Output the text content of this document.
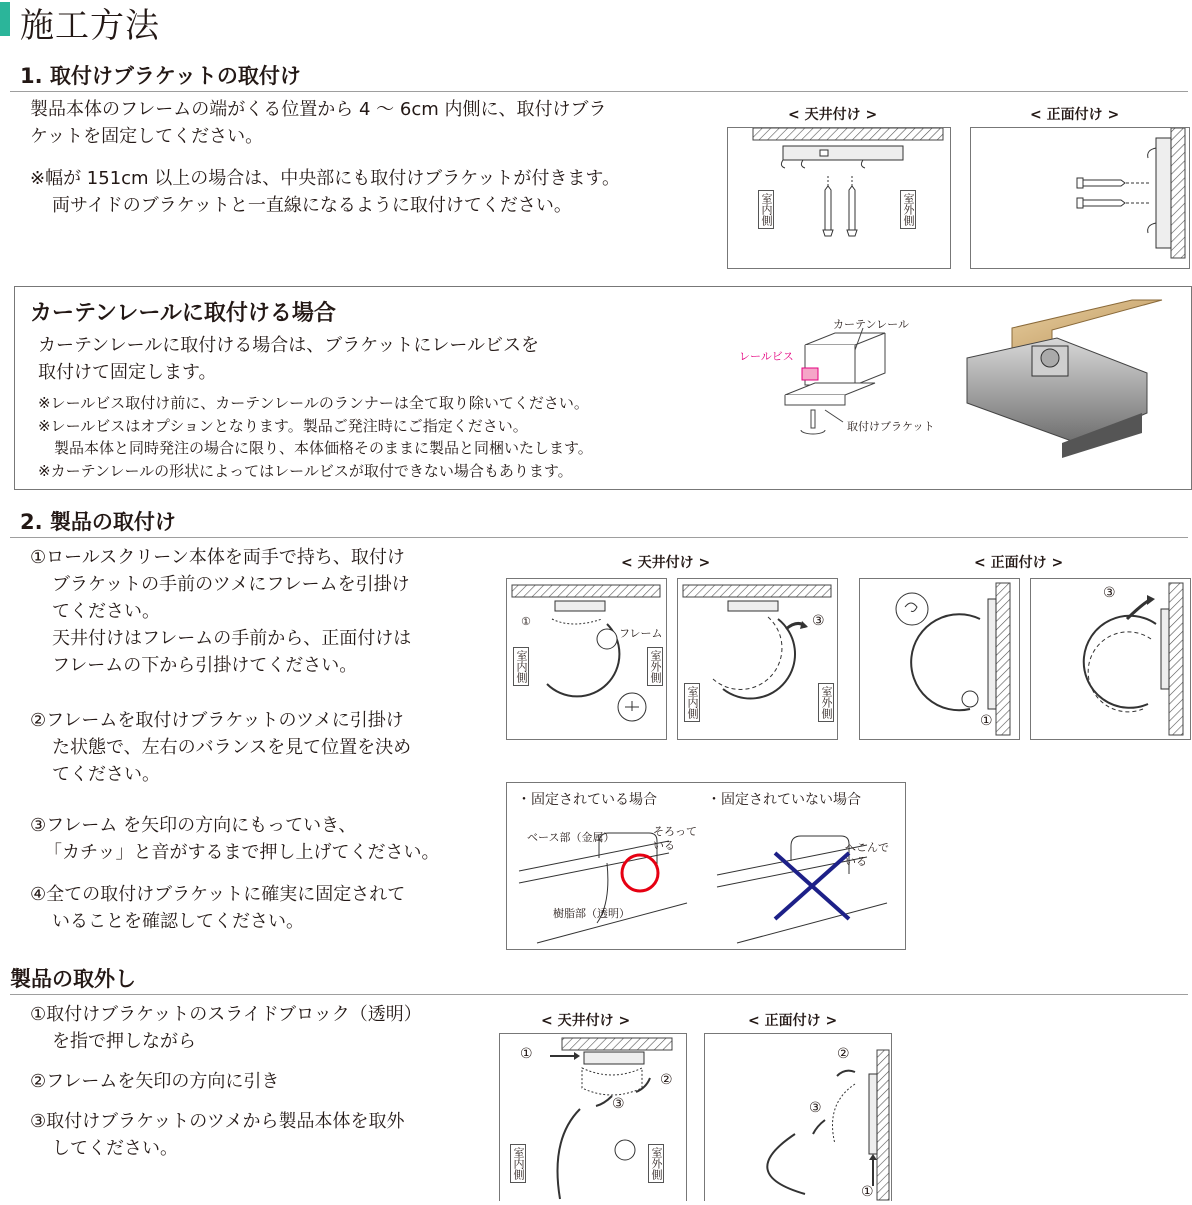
施工方法
1. 取付けブラケットの取付け
製品本体のフレームの端がくる位置から 4 〜 6cm 内側に、取付けブラ
ケットを固定してください。
※幅が 151cm 以上の場合は、中央部にも取付けブラケットが付きます。
両サイドのブラケットと一直線になるように取付けてください。
< 天井付け >	< 正面付け >
室内側	室外側
カーテンレールに取付ける場合
カーテンレールに取付ける場合は、ブラケットにレールビスを
取付けて固定します。
※レールビス取付け前に、カーテンレールのランナーは全て取り除いてください。
※レールビスはオプションとなります。製品ご発注時にご指定ください。
製品本体と同時発注の場合に限り、本体価格そのままに製品と同梱いたします。
※カーテンレールの形状によってはレールビスが取付できない場合もあります。
カーテンレール
レールビス
取付けブラケット
2. 製品の取付け
①ロールスクリーン本体を両手で持ち、取付け
ブラケットの手前のツメにフレームを引掛け
てください。
天井付けはフレームの手前から、正面付けは
フレームの下から引掛けてください。
②フレームを取付けブラケットのツメに引掛け
た状態で、左右のバランスを見て位置を決め
てください。
③フレーム を矢印の方向にもっていき、
「カチッ」と音がするまで押し上げてください。
④全ての取付けブラケットに確実に固定されて
いることを確認してください。
< 天井付け >	< 正面付け >
①
フレーム
室内側	室外側
③
室内側	室外側
①
③
・固定されている場合	・固定されていない場合
ベース部（金属）
樹脂部（透明）
そろって
いる	へこんで
いる
製品の取外し
①取付けブラケットのスライドブロック（透明）
を指で押しながら
②フレームを矢印の方向に引き
③取付けブラケットのツメから製品本体を取外
してください。
< 天井付け >	< 正面付け >
①
②
③
室内側	室外側
②
③
①
